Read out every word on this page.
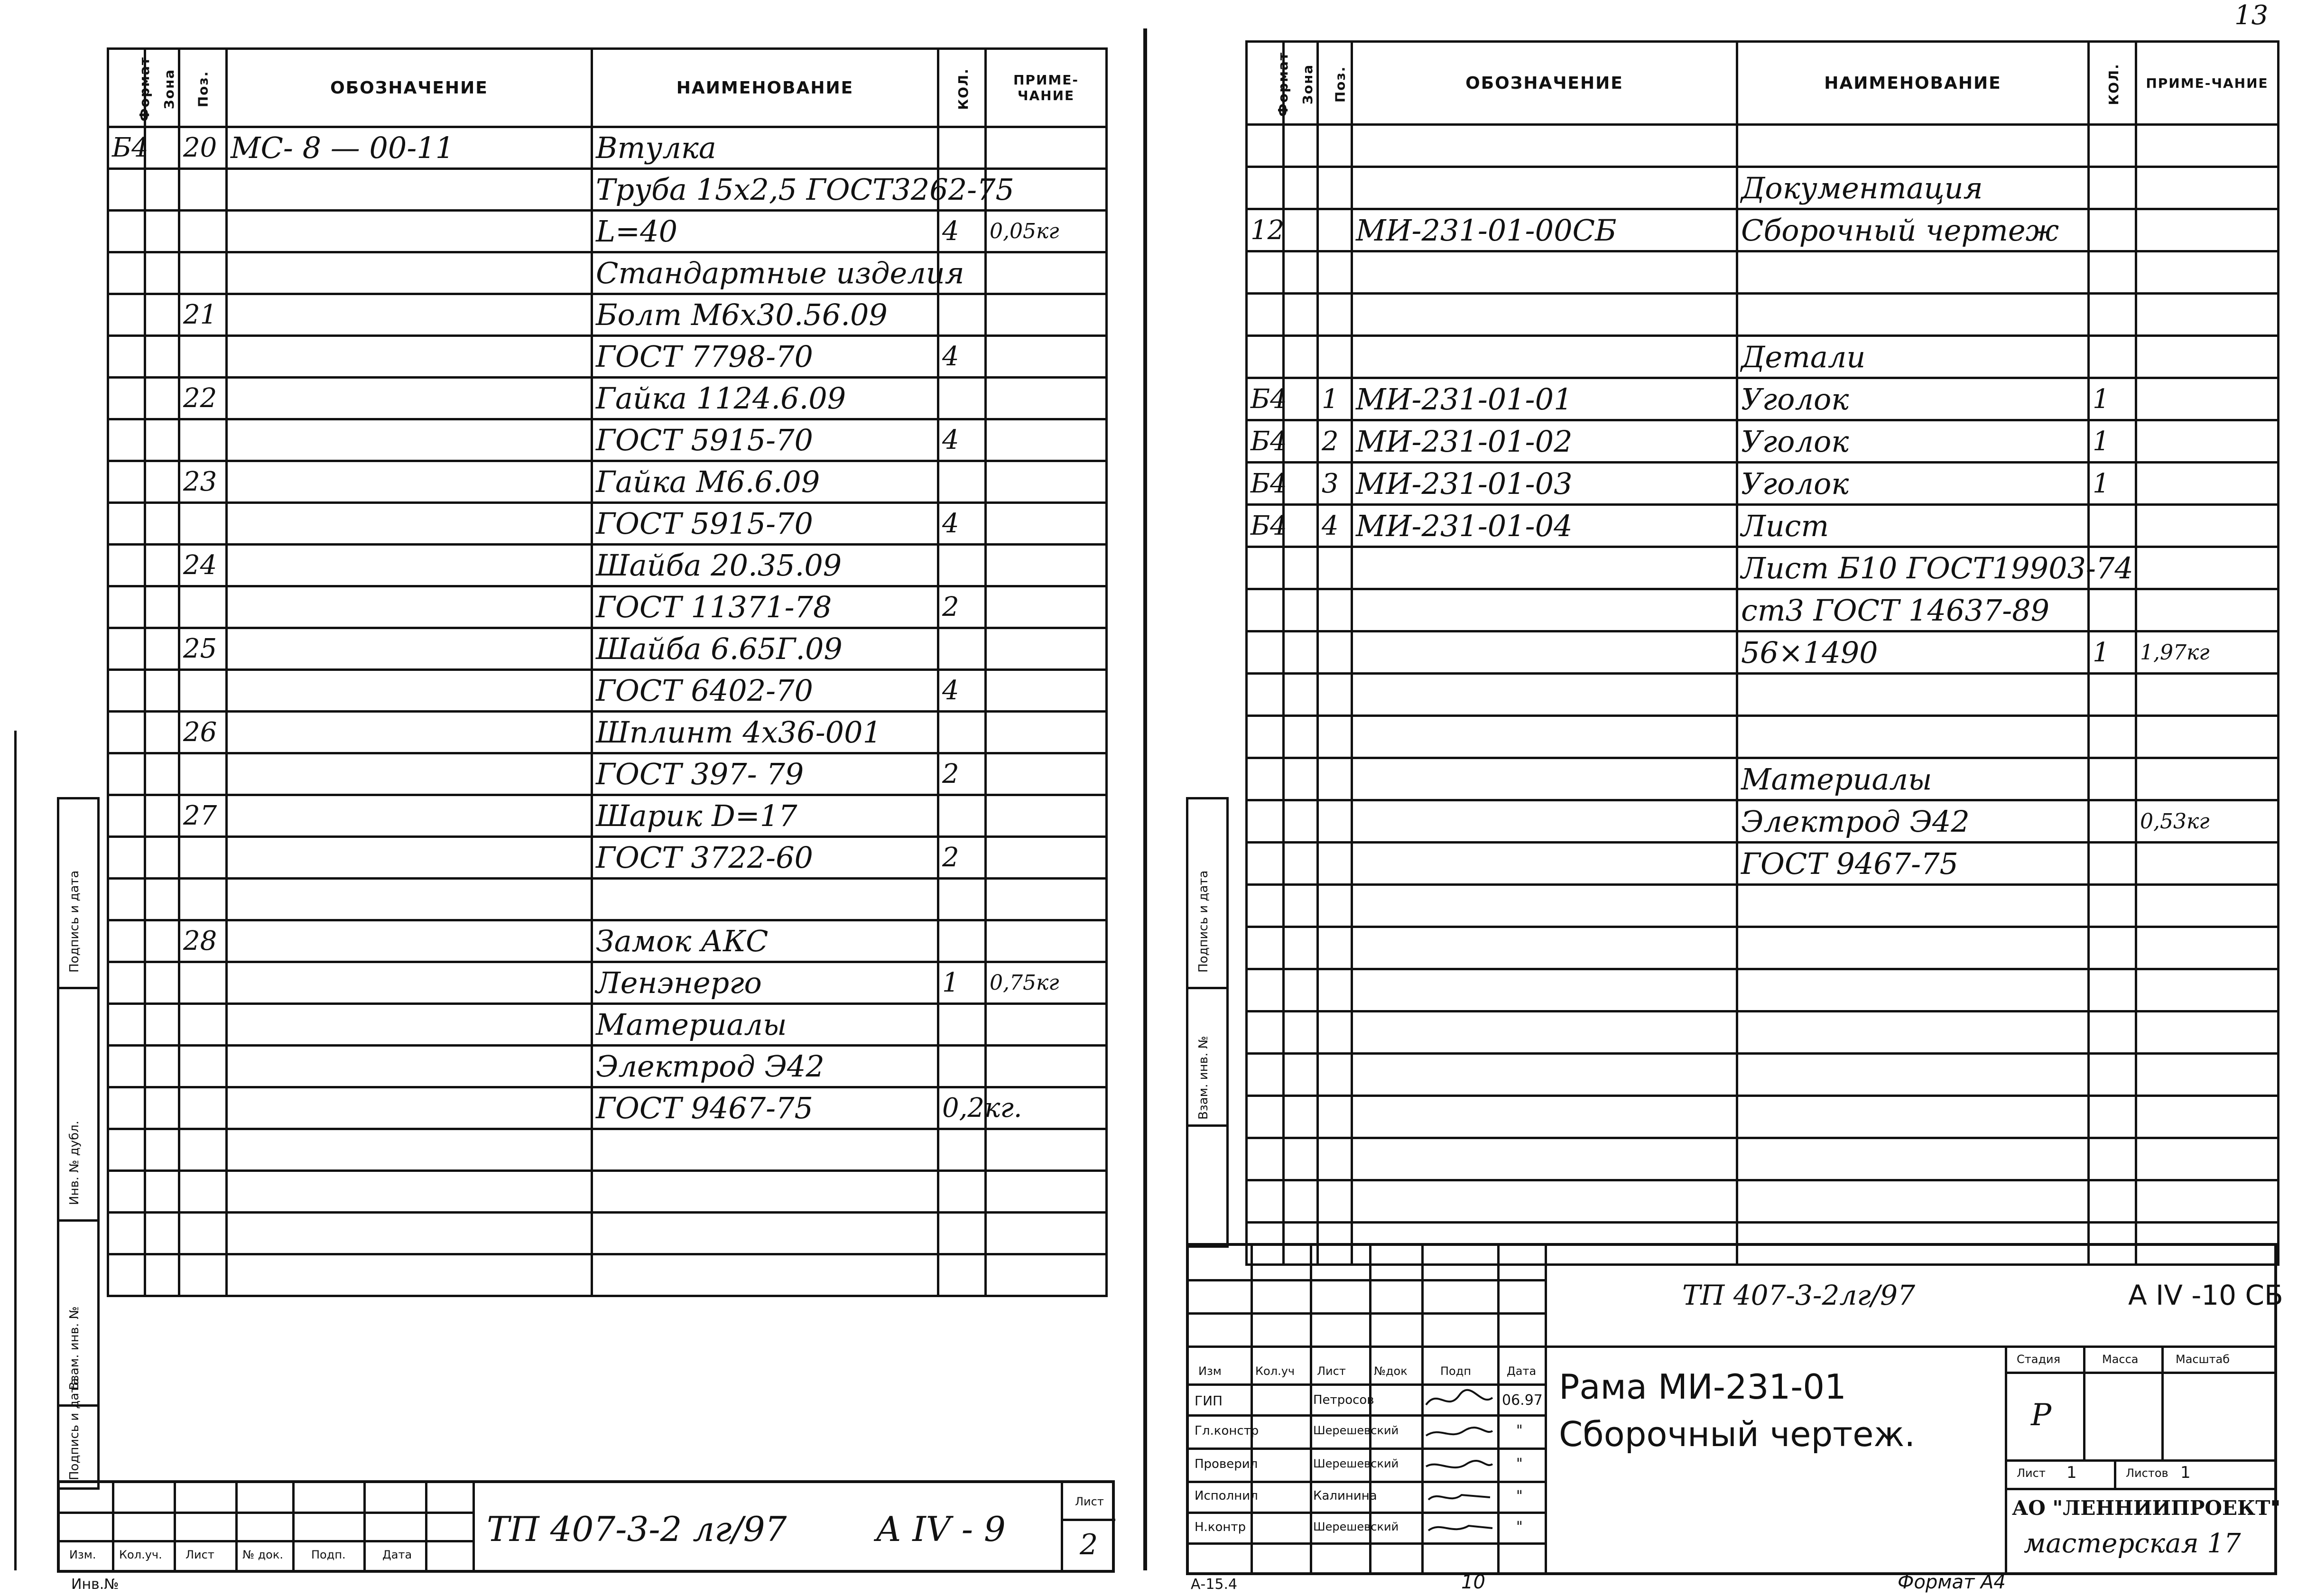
Формат	Зона	Поз.	ОБОЗНАЧЕНИЕ	НАИМЕНОВАНИЕ	КОЛ.	ПРИМЕ-ЧАНИЕ
Б4		20	МС- 8 — 00-11	Втулка		
				Труба 15х2,5 ГОСТ3262-75		
				L=40	4	0,05кг
				Стандартные изделия		
		21		Болт М6х30.56.09		
				ГОСТ 7798-70	4	
		22		Гайка 1124.6.09		
				ГОСТ 5915-70	4	
		23		Гайка М6.6.09		
				ГОСТ 5915-70	4	
		24		Шайба 20.35.09		
				ГОСТ 11371-78	2	
		25		Шайба 6.65Г.09		
				ГОСТ 6402-70	4	
		26		Шплинт 4х36-001		
				ГОСТ 397- 79	2	
		27		Шарик D=17		
				ГОСТ 3722-60	2	

		28		Замок АКС		
				Ленэнерго	1	0,75кг
				Материалы		
				Электрод Э42		
				ГОСТ 9467-75	0,2кг.	

Подпись и дата
Инв. № дубл.
Взам. инв. №
Подпись и дата
Изм. Кол.уч. Лист № док. Подп.	Дата
ТП 407-3-2 лг/97	А IV - 9
Лист
2
Инв.№
13
Формат	Зона	Поз.	ОБОЗНАЧЕНИЕ	НАИМЕНОВАНИЕ	КОЛ.	ПРИМЕ-ЧАНИЕ

				Документация		
12			МИ-231-01-00СБ	Сборочный чертеж		

				Детали		
Б4		1	МИ-231-01-01	Уголок	1	
Б4		2	МИ-231-01-02	Уголок	1	
Б4		3	МИ-231-01-03	Уголок	1	
Б4		4	МИ-231-01-04	Лист		
				Лист Б10 ГОСТ19903-74		
				ст3 ГОСТ 14637-89		
				56×1490	1	1,97кг

				Материалы		
				Электрод Э42		0,53кг
				ГОСТ 9467-75		

Подпись и дата
Взам. инв. №
ТП 407-3-2лг/97	А IV -10 СБ
Рама МИ-231-01
Сборочный чертеж.
Стадия	Масса	Масштаб
Р
Лист 1	Листов 1
АО "ЛЕННИИПРОЕКТ"
мастерская 17
Изм	Кол.уч Лист №док	Подп	Дата
ГИП	Петросов	06.97
Гл.констр	Шерешевский	"
Проверил	Шерешевский	"
Исполнил	Калинина	"
Н.контр	Шерешевский	"
А-15.4	10	Формат А4
